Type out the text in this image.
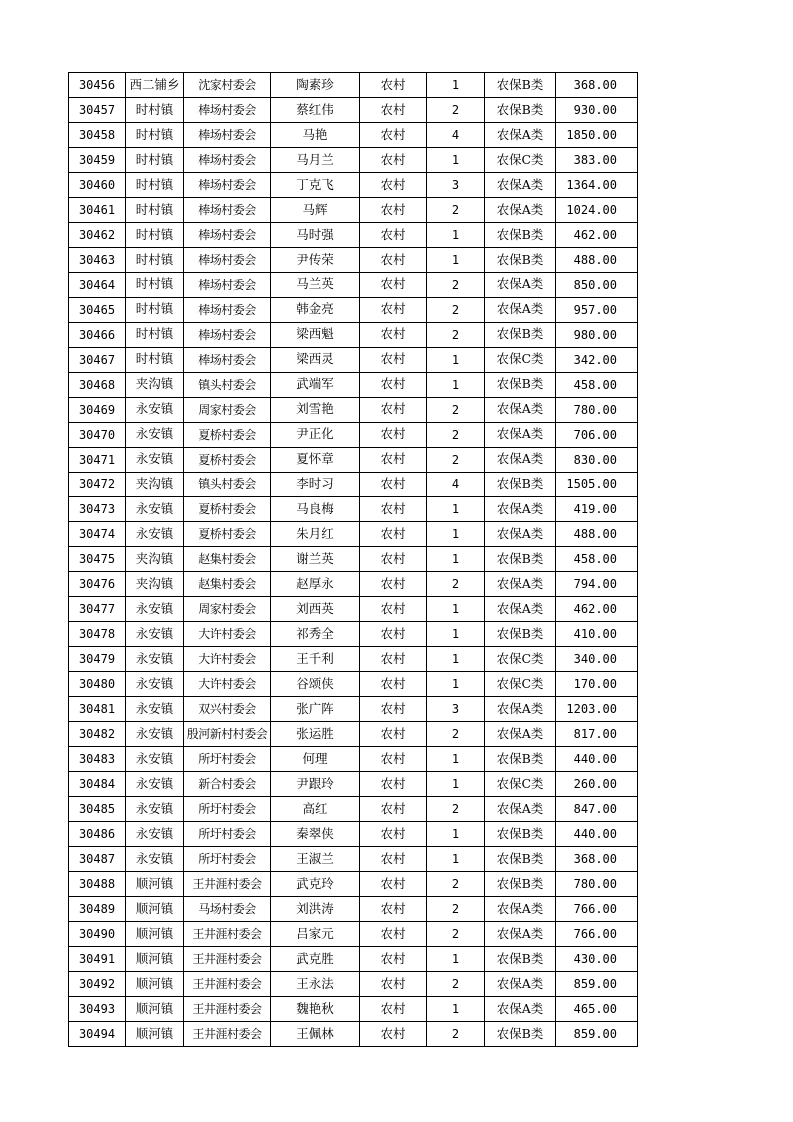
30456	西二铺乡	沈家村委会	陶素珍	农村	1	农保B类	368.00
30457	时村镇	棒场村委会	蔡红伟	农村	2	农保B类	930.00
30458	时村镇	棒场村委会	马艳	农村	4	农保A类	1850.00
30459	时村镇	棒场村委会	马月兰	农村	1	农保C类	383.00
30460	时村镇	棒场村委会	丁克飞	农村	3	农保A类	1364.00
30461	时村镇	棒场村委会	马辉	农村	2	农保A类	1024.00
30462	时村镇	棒场村委会	马时强	农村	1	农保B类	462.00
30463	时村镇	棒场村委会	尹传荣	农村	1	农保B类	488.00
30464	时村镇	棒场村委会	马兰英	农村	2	农保A类	850.00
30465	时村镇	棒场村委会	韩金亮	农村	2	农保A类	957.00
30466	时村镇	棒场村委会	梁西魁	农村	2	农保B类	980.00
30467	时村镇	棒场村委会	梁西灵	农村	1	农保C类	342.00
30468	夹沟镇	镇头村委会	武端军	农村	1	农保B类	458.00
30469	永安镇	周家村委会	刘雪艳	农村	2	农保A类	780.00
30470	永安镇	夏桥村委会	尹正化	农村	2	农保A类	706.00
30471	永安镇	夏桥村委会	夏怀章	农村	2	农保A类	830.00
30472	夹沟镇	镇头村委会	李时习	农村	4	农保B类	1505.00
30473	永安镇	夏桥村委会	马良梅	农村	1	农保A类	419.00
30474	永安镇	夏桥村委会	朱月红	农村	1	农保A类	488.00
30475	夹沟镇	赵集村委会	谢兰英	农村	1	农保B类	458.00
30476	夹沟镇	赵集村委会	赵厚永	农村	2	农保A类	794.00
30477	永安镇	周家村委会	刘西英	农村	1	农保A类	462.00
30478	永安镇	大许村委会	祁秀全	农村	1	农保B类	410.00
30479	永安镇	大许村委会	王千利	农村	1	农保C类	340.00
30480	永安镇	大许村委会	谷颂侠	农村	1	农保C类	170.00
30481	永安镇	双兴村委会	张广阵	农村	3	农保A类	1203.00
30482	永安镇	殷河新村村委会	张运胜	农村	2	农保A类	817.00
30483	永安镇	所圩村委会	何理	农村	1	农保B类	440.00
30484	永安镇	新合村委会	尹跟玲	农村	1	农保C类	260.00
30485	永安镇	所圩村委会	高红	农村	2	农保A类	847.00
30486	永安镇	所圩村委会	秦翠侠	农村	1	农保B类	440.00
30487	永安镇	所圩村委会	王淑兰	农村	1	农保B类	368.00
30488	顺河镇	王井涯村委会	武克玲	农村	2	农保B类	780.00
30489	顺河镇	马场村委会	刘洪涛	农村	2	农保A类	766.00
30490	顺河镇	王井涯村委会	吕家元	农村	2	农保A类	766.00
30491	顺河镇	王井涯村委会	武克胜	农村	1	农保B类	430.00
30492	顺河镇	王井涯村委会	王永法	农村	2	农保A类	859.00
30493	顺河镇	王井涯村委会	魏艳秋	农村	1	农保A类	465.00
30494	顺河镇	王井涯村委会	王佩林	农村	2	农保B类	859.00
